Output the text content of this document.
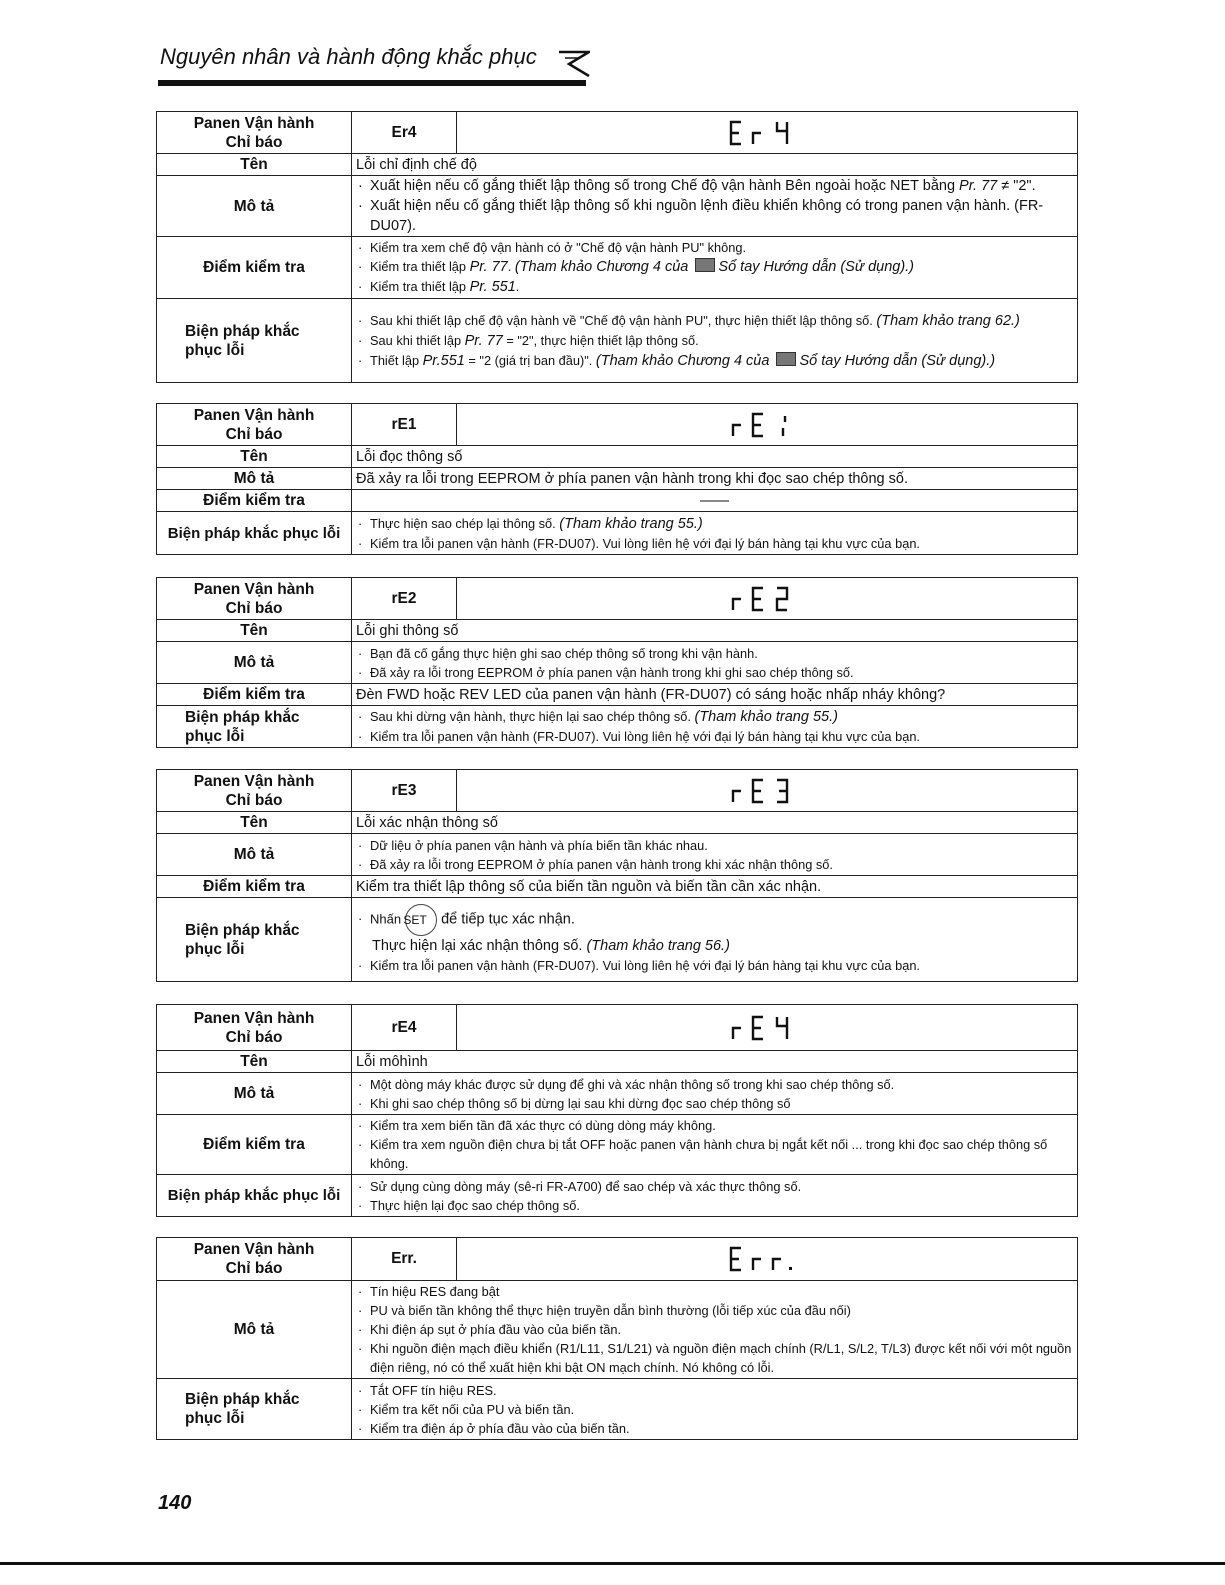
Nguyên nhân và hành động khắc phục
Panen Vận hành
Chỉ báo	Er4	

Tên	Lỗi chỉ định chế độ	
Mô tả	· Xuất hiện nếu cố gắng thiết lập thông số trong Chế độ vận hành Bên ngoài hoặc NET bằng Pr. 77 ≠ "2".
· Xuất hiện nếu cố gắng thiết lập thông số khi nguồn lệnh điều khiển không có trong panen vận hành. (FR-DU07).

Điểm kiểm tra	· Kiểm tra xem chế độ vận hành có ở "Chế độ vận hành PU" không.
· Kiểm tra thiết lập Pr. 77. (Tham khảo Chương 4 của Sổ tay Hướng dẫn (Sử dụng).)
· Kiểm tra thiết lập Pr. 551.

Biện pháp khắc
phục lỗi	· Sau khi thiết lập chế độ vận hành về "Chế độ vận hành PU", thực hiện thiết lập thông số. (Tham khảo trang 62.)
· Sau khi thiết lập Pr. 77 = "2", thực hiện thiết lập thông số.
· Thiết lập Pr.551 = "2 (giá trị ban đầu)". (Tham khảo Chương 4 của Sổ tay Hướng dẫn (Sử dụng).)
Panen Vận hành
Chỉ báo	rE1	

Tên	Lỗi đọc thông số	
Mô tả	Đã xảy ra lỗi trong EEPROM ở phía panen vận hành trong khi đọc sao chép thông số.	
Điểm kiểm tra	——	
Biện pháp khắc phục lỗi	· Thực hiện sao chép lại thông số. (Tham khảo trang 55.)
· Kiểm tra lỗi panen vận hành (FR-DU07). Vui lòng liên hệ với đại lý bán hàng tại khu vực của bạn.
Panen Vận hành
Chỉ báo	rE2	

Tên	Lỗi ghi thông số	
Mô tả	· Bạn đã cố gắng thực hiện ghi sao chép thông số trong khi vận hành.
· Đã xảy ra lỗi trong EEPROM ở phía panen vận hành trong khi ghi sao chép thông số.

Điểm kiểm tra	Đèn FWD hoặc REV LED của panen vận hành (FR-DU07) có sáng hoặc nhấp nháy không?	
Biện pháp khắc
phục lỗi	· Sau khi dừng vận hành, thực hiện lại sao chép thông số. (Tham khảo trang 55.)
· Kiểm tra lỗi panen vận hành (FR-DU07). Vui lòng liên hệ với đại lý bán hàng tại khu vực của bạn.
Panen Vận hành
Chỉ báo	rE3	

Tên	Lỗi xác nhận thông số	
Mô tả	· Dữ liệu ở phía panen vận hành và phía biến tần khác nhau.
· Đã xảy ra lỗi trong EEPROM ở phía panen vận hành trong khi xác nhận thông số.

Điểm kiểm tra	Kiểm tra thiết lập thông số của biến tần nguồn và biến tần cần xác nhận.	
Biện pháp khắc
phục lỗi	· Nhấn SET để tiếp tục xác nhận.
Thực hiện lại xác nhận thông số. (Tham khảo trang 56.)
· Kiểm tra lỗi panen vận hành (FR-DU07). Vui lòng liên hệ với đại lý bán hàng tại khu vực của bạn.
Panen Vận hành
Chỉ báo	rE4	

Tên	Lỗi môhình	
Mô tả	· Một dòng máy khác được sử dụng để ghi và xác nhận thông số trong khi sao chép thông số.
· Khi ghi sao chép thông số bị dừng lại sau khi dừng đọc sao chép thông số

Điểm kiểm tra	· Kiểm tra xem biến tần đã xác thực có dùng dòng máy không.
· Kiểm tra xem nguồn điện chưa bị tắt OFF hoặc panen vận hành chưa bị ngắt kết nối ... trong khi đọc sao chép thông số không.

Biện pháp khắc phục lỗi	· Sử dụng cùng dòng máy (sê-ri FR-A700) để sao chép và xác thực thông số.
· Thực hiện lại đọc sao chép thông số.
Panen Vận hành
Chỉ báo	Err.	

Mô tả	· Tín hiệu RES đang bật
· PU và biến tần không thể thực hiện truyền dẫn bình thường (lỗi tiếp xúc của đầu nối)
· Khi điện áp sụt ở phía đầu vào của biến tần.
· Khi nguồn điện mạch điều khiển (R1/L11, S1/L21) và nguồn điện mạch chính (R/L1, S/L2, T/L3) được kết nối với một nguồn điện riêng, nó có thể xuất hiện khi bật ON mạch chính. Nó không có lỗi.

Biện pháp khắc
phục lỗi	· Tắt OFF tín hiệu RES.
· Kiểm tra kết nối của PU và biến tần.
· Kiểm tra điện áp ở phía đầu vào của biến tần.
140
